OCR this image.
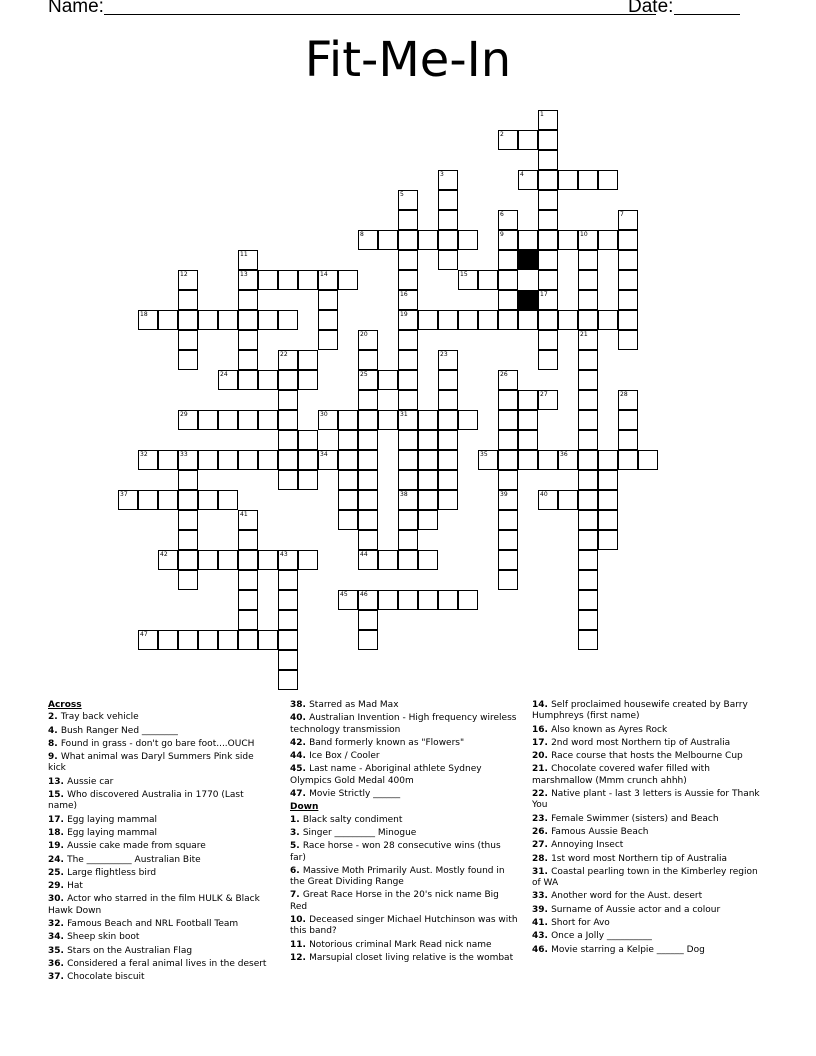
Name:	Date:
Fit-Me-In
2
4
8	9	10
13	14	15
18	19
24	25
29	30	31
32	33	34	35	36
37	38	40
42	43	44
45 46
47
1
17
3
5
6	7
11
21
12
16
20
22	23
26
39
28
41
27
Across
2. Tray back vehicle
4. Bush Ranger Ned ________
8. Found in grass - don't go bare foot....OUCH
9. What animal was Daryl Summers Pink side kick
13. Aussie car
15. Who discovered Australia in 1770 (Last name)
17. Egg laying mammal
18. Egg laying mammal
19. Aussie cake made from square
24. The __________ Australian Bite
25. Large flightless bird
29. Hat
30. Actor who starred in the film HULK & Black Hawk Down
32. Famous Beach and NRL Football Team
34. Sheep skin boot
35. Stars on the Australian Flag
36. Considered a feral animal lives in the desert
37. Chocolate biscuit
38. Starred as Mad Max
40. Australian Invention - High frequency wireless technology transmission
42. Band formerly known as "Flowers"
44. Ice Box / Cooler
45. Last name - Aboriginal athlete Sydney Olympics Gold Medal 400m
47. Movie Strictly ______
Down
1. Black salty condiment
3. Singer _________ Minogue
5. Race horse - won 28 consecutive wins (thus far)
6. Massive Moth Primarily Aust. Mostly found in the Great Dividing Range
7. Great Race Horse in the 20's nick name Big Red
10. Deceased singer Michael Hutchinson was with this band?
11. Notorious criminal Mark Read nick name
12. Marsupial closet living relative is the wombat
14. Self proclaimed housewife created by Barry Humphreys (first name)
16. Also known as Ayres Rock
17. 2nd word most Northern tip of Australia
20. Race course that hosts the Melbourne Cup
21. Chocolate covered wafer filled with marshmallow (Mmm crunch ahhh)
22. Native plant - last 3 letters is Aussie for Thank You
23. Female Swimmer (sisters) and Beach
26. Famous Aussie Beach
27. Annoying Insect
28. 1st word most Northern tip of Australia
31. Coastal pearling town in the Kimberley region of WA
33. Another word for the Aust. desert
39. Surname of Aussie actor and a colour
41. Short for Avo
43. Once a Jolly __________
46. Movie starring a Kelpie ______ Dog
